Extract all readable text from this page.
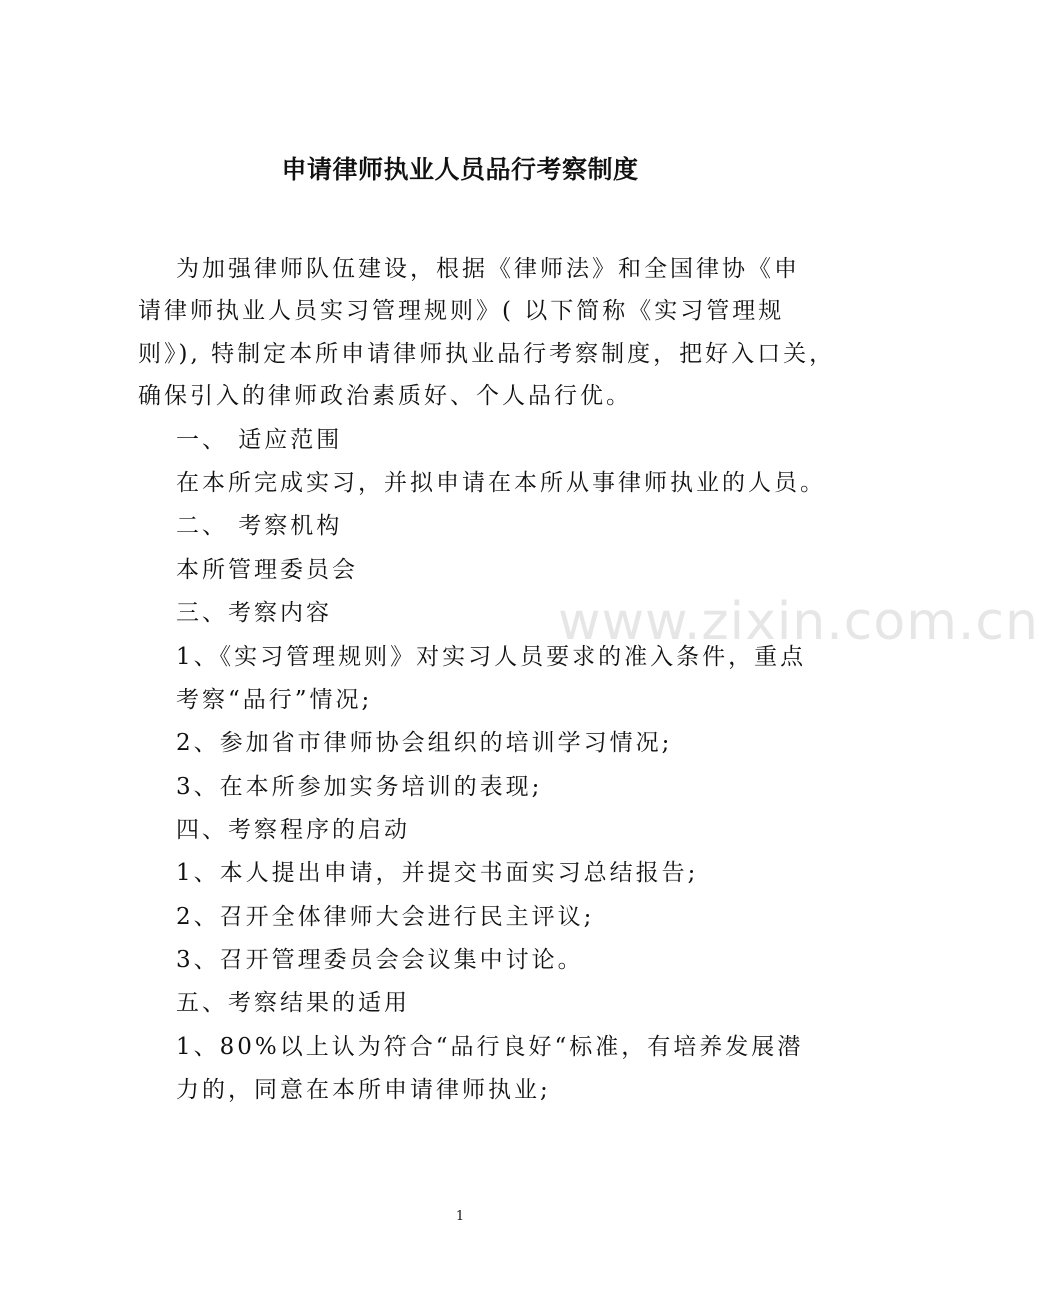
www.zixin.com.cn
申请律师执业人员品行考察制度
为加强律师队伍建设，根据《律师法》和全国律协《申
请律师执业人员实习管理规则》( 以下简称《实习管理规
则》), 特制定本所申请律师执业品行考察制度，把好入口关，
确保引入的律师政治素质好、个人品行优。
一、 适应范围
在本所完成实习，并拟申请在本所从事律师执业的人员。
二、 考察机构
本所管理委员会
三、考察内容
1、《实习管理规则》对实习人员要求的准入条件，重点
考察“品行”情况;
2、参加省市律师协会组织的培训学习情况;
3、在本所参加实务培训的表现;
四、考察程序的启动
1、本人提出申请，并提交书面实习总结报告;
2、召开全体律师大会进行民主评议;
3、召开管理委员会会议集中讨论。
五、考察结果的适用
1、80%以上认为符合“品行良好“标准，有培养发展潜
力的，同意在本所申请律师执业;
1
